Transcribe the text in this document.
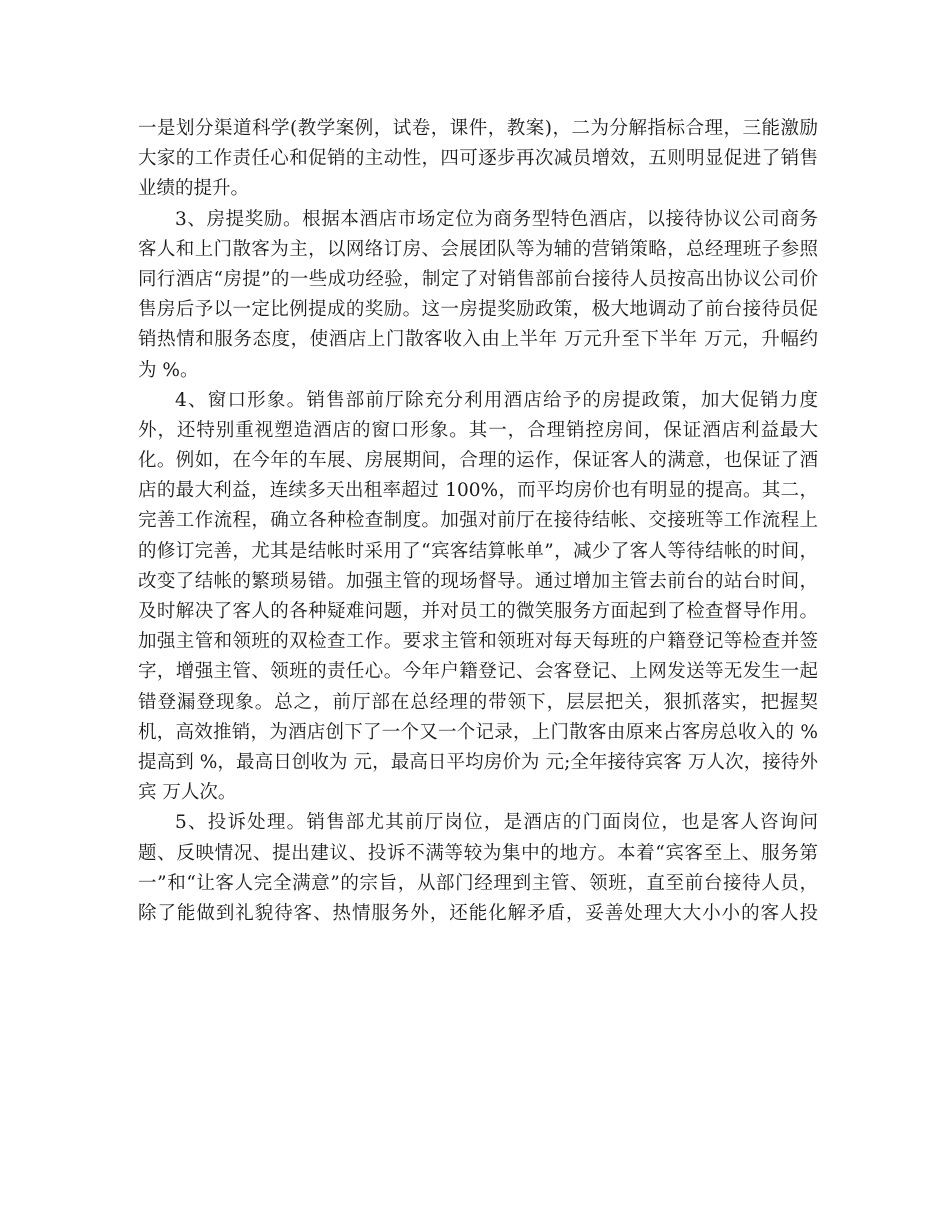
一是划分渠道科学(教学案例，试卷，课件，教案)，二为分解指标合理，三能激励
大家的工作责任心和促销的主动性，四可逐步再次减员增效，五则明显促进了销售
业绩的提升。
3、房提奖励。根据本酒店市场定位为商务型特色酒店，以接待协议公司商务
客人和上门散客为主，以网络订房、会展团队等为辅的营销策略，总经理班子参照
同行酒店“房提”的一些成功经验，制定了对销售部前台接待人员按高出协议公司价
售房后予以一定比例提成的奖励。这一房提奖励政策，极大地调动了前台接待员促
销热情和服务态度，使酒店上门散客收入由上半年 万元升至下半年 万元，升幅约
为 %。
4、窗口形象。销售部前厅除充分利用酒店给予的房提政策，加大促销力度
外，还特别重视塑造酒店的窗口形象。其一，合理销控房间，保证酒店利益最大
化。例如，在今年的车展、房展期间，合理的运作，保证客人的满意，也保证了酒
店的最大利益，连续多天出租率超过 100%，而平均房价也有明显的提高。其二，
完善工作流程，确立各种检查制度。加强对前厅在接待结帐、交接班等工作流程上
的修订完善，尤其是结帐时采用了“宾客结算帐单”，减少了客人等待结帐的时间，
改变了结帐的繁琐易错。加强主管的现场督导。通过增加主管去前台的站台时间，
及时解决了客人的各种疑难问题，并对员工的微笑服务方面起到了检查督导作用。
加强主管和领班的双检查工作。要求主管和领班对每天每班的户籍登记等检查并签
字，增强主管、领班的责任心。今年户籍登记、会客登记、上网发送等无发生一起
错登漏登现象。总之，前厅部在总经理的带领下，层层把关，狠抓落实，把握契
机，高效推销，为酒店创下了一个又一个记录，上门散客由原来占客房总收入的 %
提高到 %，最高日创收为 元，最高日平均房价为 元;全年接待宾客 万人次，接待外
宾 万人次。
5、投诉处理。销售部尤其前厅岗位，是酒店的门面岗位，也是客人咨询问
题、反映情况、提出建议、投诉不满等较为集中的地方。本着“宾客至上、服务第
一”和“让客人完全满意”的宗旨，从部门经理到主管、领班，直至前台接待人员，
除了能做到礼貌待客、热情服务外，还能化解矛盾，妥善处理大大小小的客人投
